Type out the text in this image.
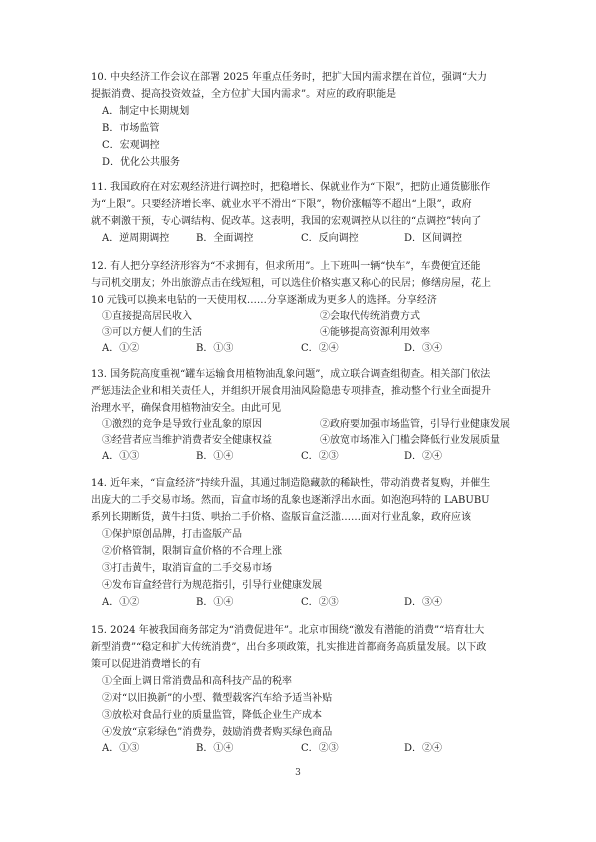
10. 中央经济工作会议在部署 2025 年重点任务时，把扩大国内需求摆在首位，强调“大力
提振消费、提高投资效益，全方位扩大国内需求”。对应的政府职能是
A．制定中长期规划
B．市场监管
C．宏观调控
D．优化公共服务
11. 我国政府在对宏观经济进行调控时，把稳增长、保就业作为“下限”，把防止通货膨胀作
为“上限”。只要经济增长率、就业水平不滑出“下限”，物价涨幅等不超出“上限”，政府
就不刺激干预，专心调结构、促改革。这表明，我国的宏观调控从以往的“点调控”转向了
A．逆周期调控	B．全面调控	C．反向调控	D．区间调控
12. 有人把分享经济形容为“不求拥有，但求所用”。上下班叫一辆“快车”，车费便宜还能
与司机交朋友；外出旅游点击在线短租，可以选住价格实惠又称心的民居；修缮房屋，花上
10 元钱可以换来电钻的一天使用权……分享逐渐成为更多人的选择。分享经济
①直接提高居民收入	②会取代传统消费方式
③可以方便人们的生活	④能够提高资源利用效率
A．①②	B．①③	C．②④	D．③④
13. 国务院高度重视“罐车运输食用植物油乱象问题”，成立联合调查组彻查。相关部门依法
严惩违法企业和相关责任人，并组织开展食用油风险隐患专项排查，推动整个行业全面提升
治理水平，确保食用植物油安全。由此可见
①激烈的竞争是导致行业乱象的原因	②政府要加强市场监管，引导行业健康发展
③经营者应当维护消费者安全健康权益	④放宽市场准入门槛会降低行业发展质量
A．①③	B．①④	C．②③	D．②④
14. 近年来，“盲盒经济”持续升温，其通过制造隐藏款的稀缺性，带动消费者复购，并催生
出庞大的二手交易市场。然而，盲盒市场的乱象也逐渐浮出水面。如泡泡玛特的 LABUBU
系列长期断货，黄牛扫货、哄抬二手价格、盗版盲盒泛滥……面对行业乱象，政府应该
①保护原创品牌，打击盗版产品
②价格管制，限制盲盒价格的不合理上涨
③打击黄牛，取消盲盒的二手交易市场
④发布盲盒经营行为规范指引，引导行业健康发展
A．①②	B．①④	C．②③	D．③④
15. 2024 年被我国商务部定为“消费促进年”。北京市围绕“激发有潜能的消费”“培育壮大
新型消费”“稳定和扩大传统消费”，出台多项政策，扎实推进首都商务高质量发展。以下政
策可以促进消费增长的有
①全面上调日常消费品和高科技产品的税率
②对“以旧换新”的小型、微型载客汽车给予适当补贴
③放松对食品行业的质量监管，降低企业生产成本
④发放“京彩绿色”消费券，鼓励消费者购买绿色商品
A．①③	B．①④	C．②③	D．②④
3
